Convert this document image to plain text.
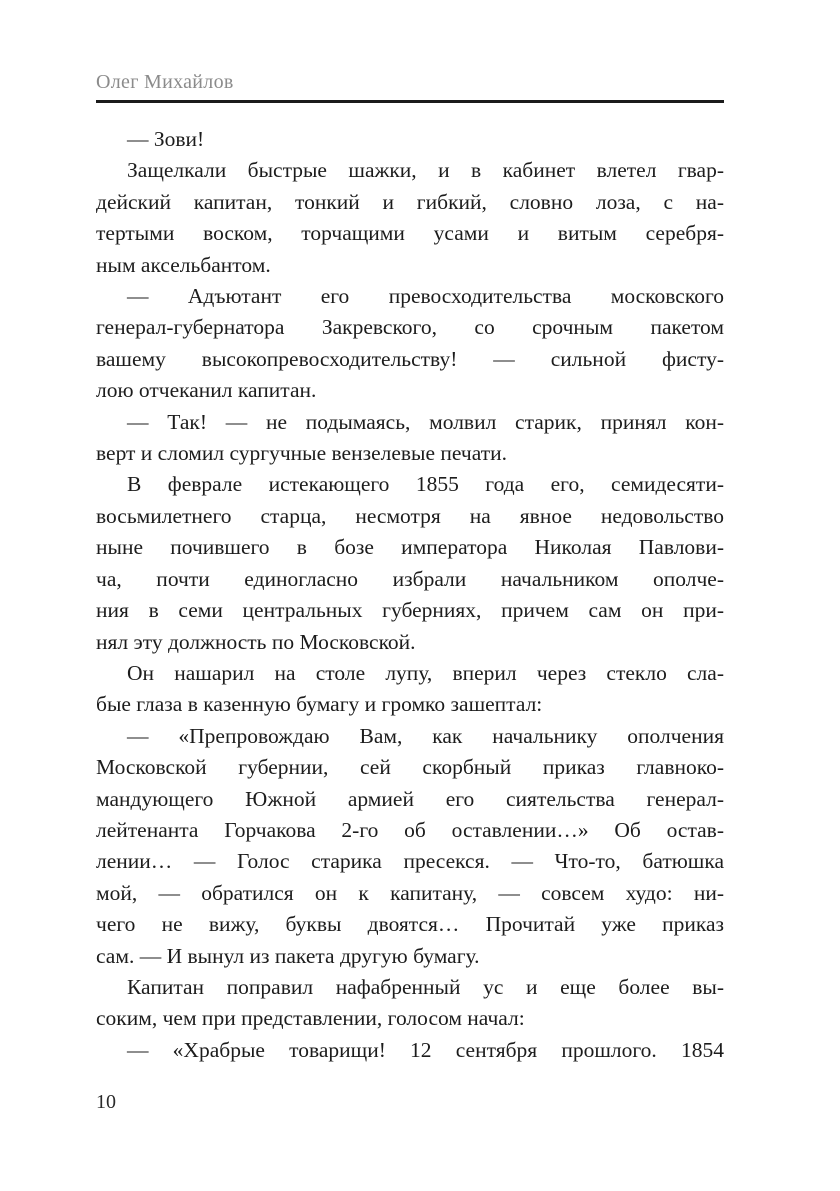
Олег Михайлов
— Зови!
Защелкали быстрые шажки, и в кабинет влетел гвар-
дейский капитан, тонкий и гибкий, словно лоза, с на-
тертыми воском, торчащими усами и витым серебря-
ным аксельбантом.
— Адъютант его превосходительства московского
генерал-губернатора Закревского, со срочным пакетом
вашему высокопревосходительству! — сильной фисту-
лою отчеканил капитан.
— Так! — не подымаясь, молвил старик, принял кон-
верт и сломил сургучные вензелевые печати.
В феврале истекающего 1855 года его, семидесяти-
восьмилетнего старца, несмотря на явное недовольство
ныне почившего в бозе императора Николая Павлови-
ча, почти единогласно избрали начальником ополче-
ния в семи центральных губерниях, причем сам он при-
нял эту должность по Московской.
Он нашарил на столе лупу, вперил через стекло сла-
бые глаза в казенную бумагу и громко зашептал:
— «Препровождаю Вам, как начальнику ополчения
Московской губернии, сей скорбный приказ главноко-
мандующего Южной армией его сиятельства генерал-
лейтенанта Горчакова 2-го об оставлении…» Об остав-
лении… — Голос старика пресекся. — Что-то, батюшка
мой, — обратился он к капитану, — совсем худо: ни-
чего не вижу, буквы двоятся… Прочитай уже приказ
сам. — И вынул из пакета другую бумагу.
Капитан поправил нафабренный ус и еще более вы-
соким, чем при представлении, голосом начал:
— «Храбрые товарищи! 12 сентября прошлого. 1854
10
